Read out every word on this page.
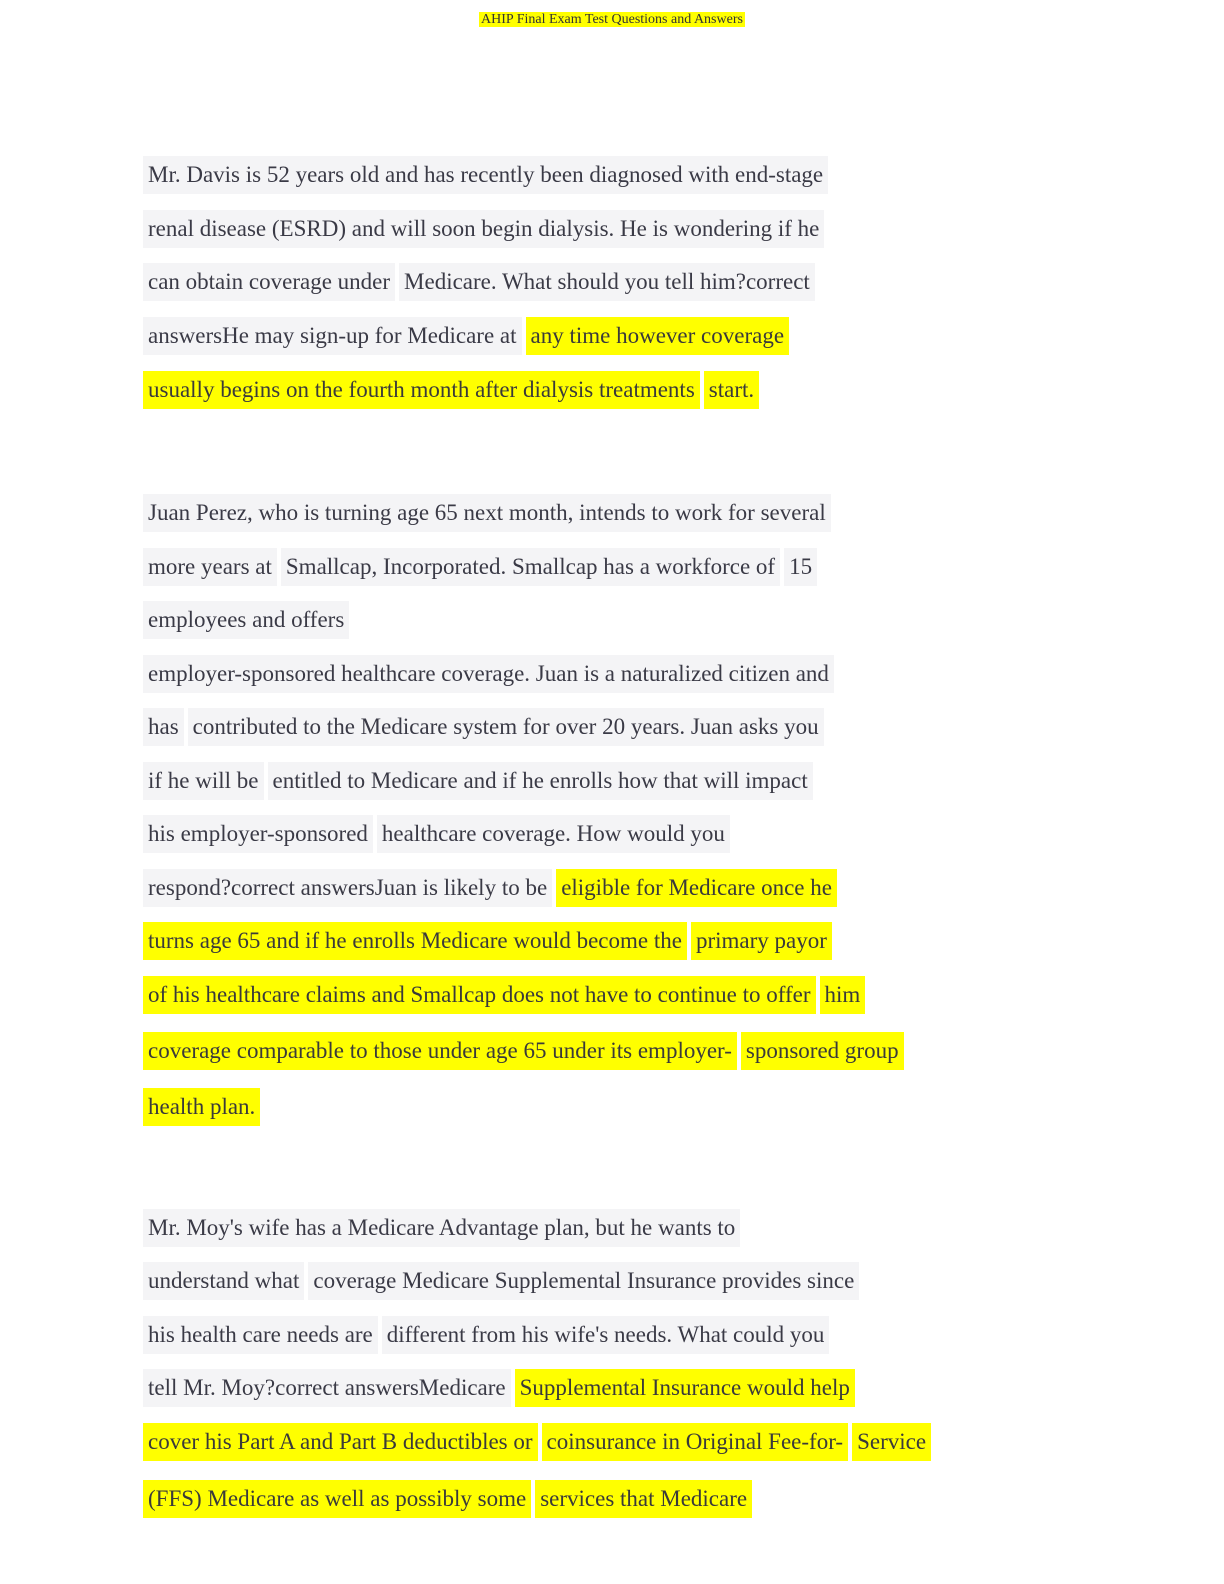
AHIP Final Exam Test Questions and Answers
Mr. Davis is 52 years old and has recently been diagnosed with end-stage
renal disease (ESRD) and will soon begin dialysis. He is wondering if he
can obtain coverage under Medicare. What should you tell him?correct
answersHe may sign-up for Medicare at any time however coverage
usually begins on the fourth month after dialysis treatments start.
Juan Perez, who is turning age 65 next month, intends to work for several
more years at Smallcap, Incorporated. Smallcap has a workforce of 15
employees and offers
employer-sponsored healthcare coverage. Juan is a naturalized citizen and
has contributed to the Medicare system for over 20 years. Juan asks you
if he will be entitled to Medicare and if he enrolls how that will impact
his employer-sponsored healthcare coverage. How would you
respond?correct answersJuan is likely to be eligible for Medicare once he
turns age 65 and if he enrolls Medicare would become the primary payor
of his healthcare claims and Smallcap does not have to continue to offer him
coverage comparable to those under age 65 under its employer- sponsored group
health plan.
Mr. Moy's wife has a Medicare Advantage plan, but he wants to
understand what coverage Medicare Supplemental Insurance provides since
his health care needs are different from his wife's needs. What could you
tell Mr. Moy?correct answersMedicare Supplemental Insurance would help
cover his Part A and Part B deductibles or coinsurance in Original Fee-for- Service
(FFS) Medicare as well as possibly some services that Medicare
